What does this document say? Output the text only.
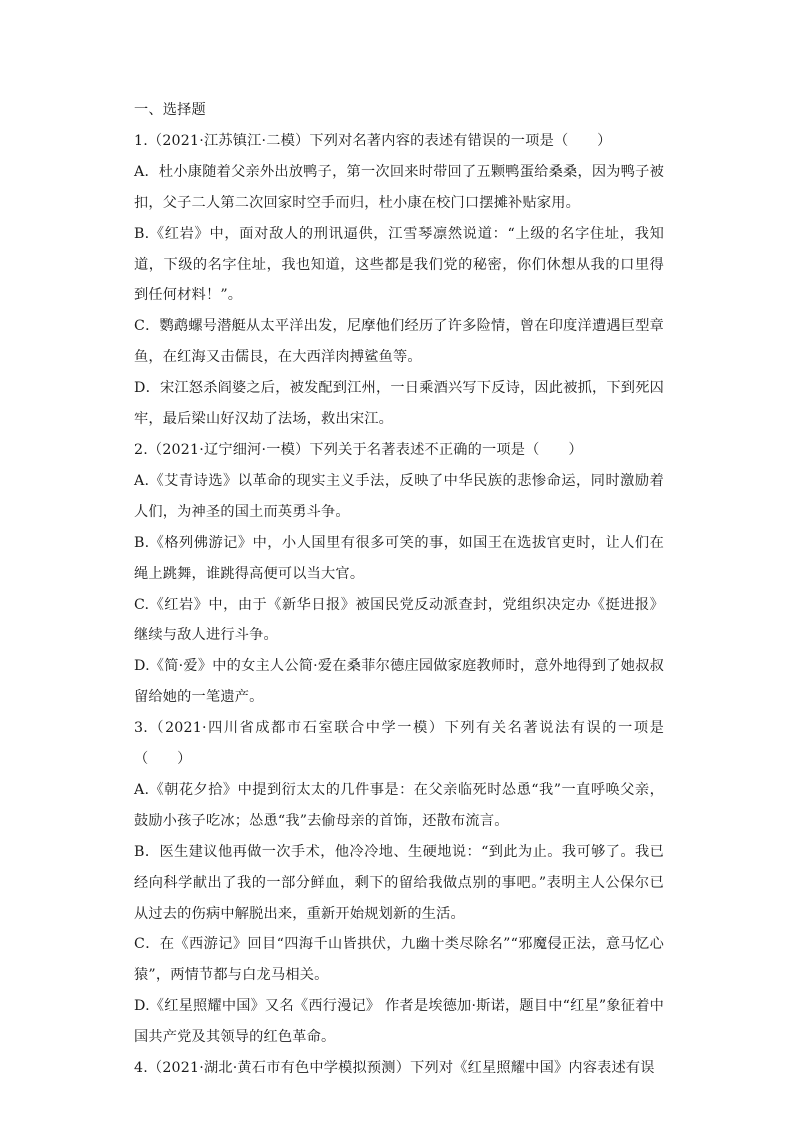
一、选择题
1.（2021·江苏镇江·二模）下列对名著内容的表述有错误的一项是（　　）
A．杜小康随着父亲外出放鸭子，第一次回来时带回了五颗鸭蛋给桑桑，因为鸭子被扣，父子二人第二次回家时空手而归，杜小康在校门口摆摊补贴家用。
B.《红岩》中，面对敌人的刑讯逼供，江雪琴凛然说道：“上级的名字住址，我知道，下级的名字住址，我也知道，这些都是我们党的秘密，你们休想从我的口里得到任何材料！”。
C．鹦鹉螺号潜艇从太平洋出发，尼摩他们经历了许多险情，曾在印度洋遭遇巨型章鱼，在红海又击儒艮，在大西洋肉搏鲨鱼等。
D．宋江怒杀阎婆之后，被发配到江州，一日乘酒兴写下反诗，因此被抓，下到死囚牢，最后梁山好汉劫了法场，救出宋江。
2.（2021·辽宁细河·一模）下列关于名著表述不正确的一项是（　　）
A.《艾青诗选》以革命的现实主义手法，反映了中华民族的悲惨命运，同时激励着人们，为神圣的国土而英勇斗争。
B.《格列佛游记》中，小人国里有很多可笑的事，如国王在选拔官吏时，让人们在绳上跳舞，谁跳得高便可以当大官。
C.《红岩》中，由于《新华日报》被国民党反动派查封，党组织决定办《挺进报》继续与敌人进行斗争。
D.《简·爱》中的女主人公简·爱在桑菲尔德庄园做家庭教师时，意外地得到了她叔叔留给她的一笔遗产。
3.（2021·四川省成都市石室联合中学一模）下列有关名著说法有误的一项是（　　）
A.《朝花夕拾》中提到衍太太的几件事是：在父亲临死时怂恿“我”一直呼唤父亲，鼓励小孩子吃冰；怂恿“我”去偷母亲的首饰，还散布流言。
B．医生建议他再做一次手术，他冷冷地、生硬地说：“到此为止。我可够了。我已经向科学献出了我的一部分鲜血，剩下的留给我做点别的事吧。”表明主人公保尔已从过去的伤病中解脱出来，重新开始规划新的生活。
C．在《西游记》回目“四海千山皆拱伏，九幽十类尽除名”“邪魔侵正法，意马忆心猿”，两情节都与白龙马相关。
D.《红星照耀中国》又名《西行漫记》 作者是埃德加·斯诺，题目中“红星”象征着中国共产党及其领导的红色革命。
4.（2021·湖北·黄石市有色中学模拟预测）下列对《红星照耀中国》内容表述有误
